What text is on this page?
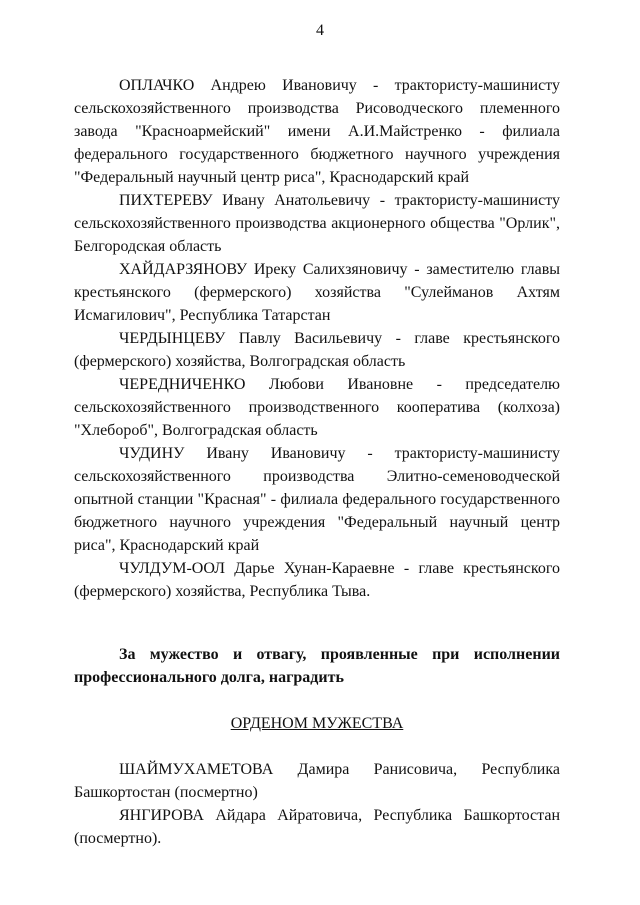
4

ОПЛАЧКО Андрею Ивановичу - трактористу-машинисту сельскохозяйственного производства Рисоводческого племенного завода "Красноармейский" имени А.И.Майстренко - филиала федерального государственного бюджетного научного учреждения "Федеральный научный центр риса", Краснодарский край

ПИХТЕРЕВУ Ивану Анатольевичу - трактористу-машинисту сельскохозяйственного производства акционерного общества "Орлик", Белгородская область

ХАЙДАРЗЯНОВУ Иреку Салихзяновичу - заместителю главы крестьянского (фермерского) хозяйства "Сулейманов Ахтям Исмагилович", Республика Татарстан

ЧЕРДЫНЦЕВУ Павлу Васильевичу - главе крестьянского (фермерского) хозяйства, Волгоградская область

ЧЕРЕДНИЧЕНКО Любови Ивановне - председателю сельскохозяйственного производственного кооператива (колхоза) "Хлебороб", Волгоградская область

ЧУДИНУ Ивану Ивановичу - трактористу-машинисту сельскохозяйственного производства Элитно-семеноводческой опытной станции "Красная" - филиала федерального государственного бюджетного научного учреждения "Федеральный научный центр риса", Краснодарский край

ЧУЛДУМ-ООЛ Дарье Хунан-Караевне - главе крестьянского (фермерского) хозяйства, Республика Тыва.

За мужество и отвагу, проявленные при исполнении профессионального долга, наградить

ОРДЕНОМ МУЖЕСТВА

ШАЙМУХАМЕТОВА Дамира Ранисовича, Республика Башкортостан (посмертно)

ЯНГИРОВА Айдара Айратовича, Республика Башкортостан (посмертно).
